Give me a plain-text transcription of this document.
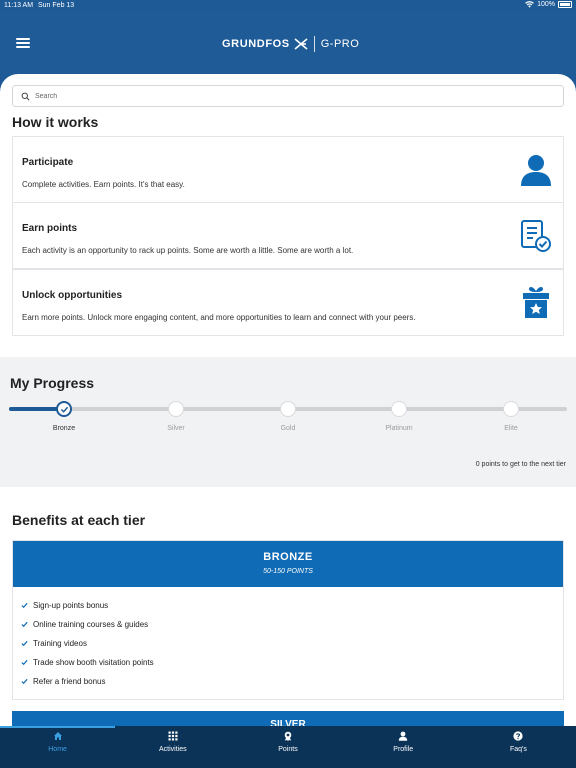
11:13 AM Sun Feb 13	100%
GRUNDFOS	G-PRO
Search
How it works
Participate
Complete activities. Earn points. It's that easy.
Earn points
Each activity is an opportunity to rack up points. Some are worth a little. Some are worth a lot.
Unlock opportunities
Earn more points. Unlock more engaging content, and more opportunities to learn and connect with your peers.
My Progress
Bronze	Silver	Gold	Platinum	Elite
0 points to get to the next tier
Benefits at each tier
BRONZE
50-150 POINTS
Sign-up points bonus
Online training courses & guides
Training videos
Trade show booth visitation points
Refer a friend bonus
SILVER
Home	Activities	Points	Profile	Faq's
